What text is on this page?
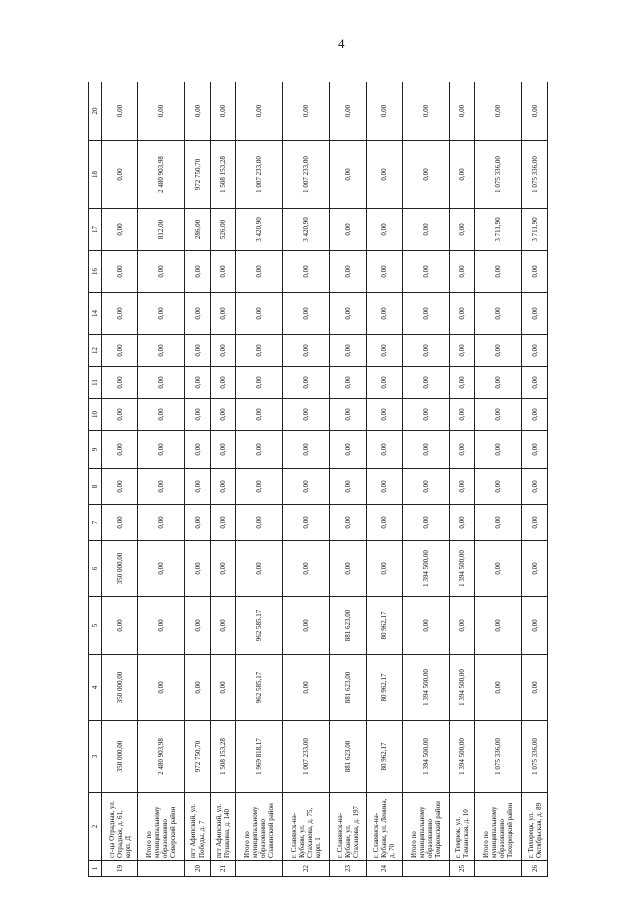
4
1	2	3	4	5	6	7	8	9	10	11	12	14	16	17	18	20
19	ст-ца Отрадная, ул. Отрадная, д. 61, корп. Д	350 000,00	350 000,00	0,00	350 000,00	0,00	0,00	0,00	0,00	0,00	0,00	0,00	0,00	0,00	0,00	0,00
	Итого по муниципальному образованию Северский район	2 480 903,98	0,00	0,00	0,00	0,00	0,00	0,00	0,00	0,00	0,00	0,00	0,00	812,00	2 480 903,98	0,00
20	пгт Афипский, ул. Победы, д. 7	972 750,70	0,00	0,00	0,00	0,00	0,00	0,00	0,00	0,00	0,00	0,00	0,00	286,00	972 750,70	0,00
21	пгт Афипский, ул. Пушкина, д. 140	1 508 153,28	0,00	0,00	0,00	0,00	0,00	0,00	0,00	0,00	0,00	0,00	0,00	526,00	1 508 153,28	0,00
	Итого по муниципальному образованию Славянский район	1 969 818,17	962 585,17	962 585,17	0,00	0,00	0,00	0,00	0,00	0,00	0,00	0,00	0,00	3 420,90	1 007 233,00	0,00
22	г. Славянск-на-Кубани, ул. Стаханова, д. 75, корп. 1	1 007 233,00	0,00	0,00	0,00	0,00	0,00	0,00	0,00	0,00	0,00	0,00	0,00	3 420,90	1 007 233,00	0,00
23	г. Славянск-на-Кубани, ул. Стаханова, д. 197	881 623,00	881 623,00	881 623,00	0,00	0,00	0,00	0,00	0,00	0,00	0,00	0,00	0,00	0,00	0,00	0,00
24	г. Славянск-на-Кубани, ул. Ленина, д. 70	80 962,17	80 962,17	80 962,17	0,00	0,00	0,00	0,00	0,00	0,00	0,00	0,00	0,00	0,00	0,00	0,00
	Итого по муниципальному образованию Темрюкский район	1 394 500,00	1 394 500,00	0,00	1 394 500,00	0,00	0,00	0,00	0,00	0,00	0,00	0,00	0,00	0,00	0,00	0,00
25	г. Темрюк, ул. Таманская, д. 10	1 394 500,00	1 394 500,00	0,00	1 394 500,00	0,00	0,00	0,00	0,00	0,00	0,00	0,00	0,00	0,00	0,00	0,00
	Итого по муниципальному образованию Тихорецкий район	1 075 336,00	0,00	0,00	0,00	0,00	0,00	0,00	0,00	0,00	0,00	0,00	0,00	3 711,90	1 075 336,00	0,00
26	г. Тихорецк, ул. Октябрьская, д. 89	1 075 336,00	0,00	0,00	0,00	0,00	0,00	0,00	0,00	0,00	0,00	0,00	0,00	3 711,90	1 075 336,00	0,00
